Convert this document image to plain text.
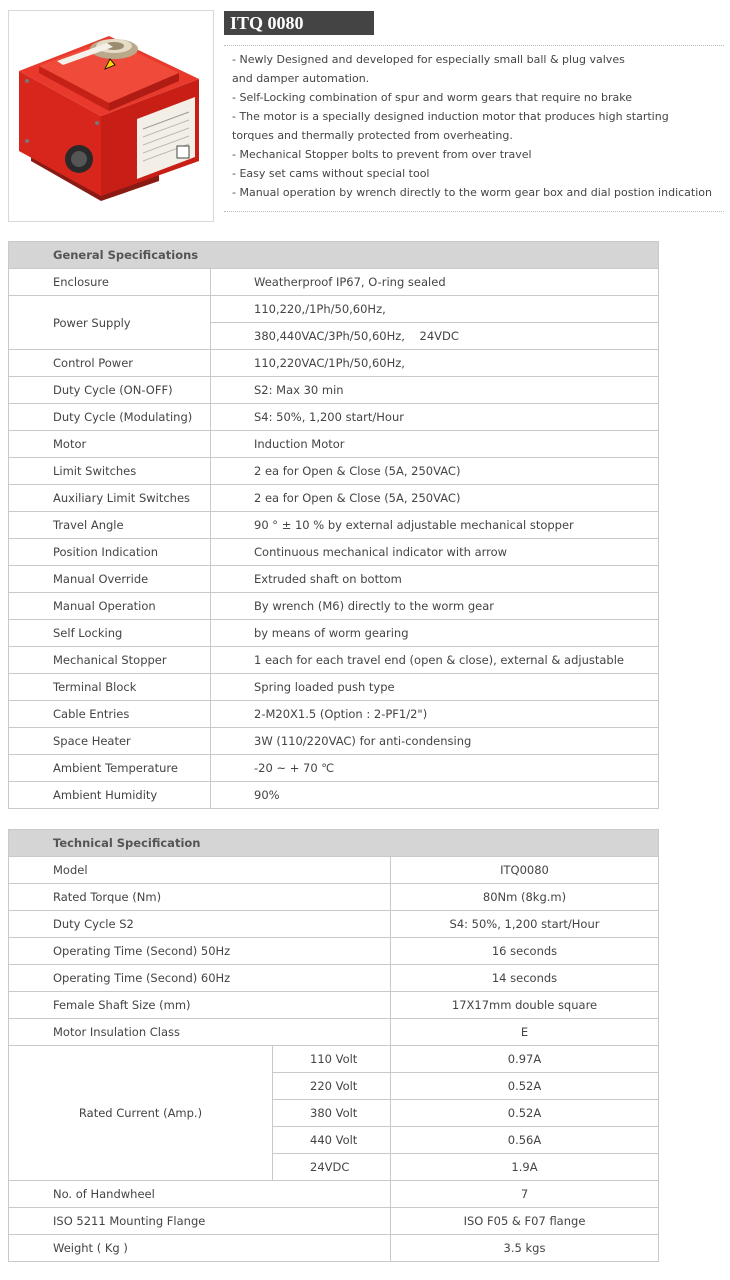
ITQ 0080
- Newly Designed and developed for especially small ball & plug valves
and damper automation.
- Self-Locking combination of spur and worm gears that require no brake
- The motor is a specially designed induction motor that produces high starting
torques and thermally protected from overheating.
- Mechanical Stopper bolts to prevent from over travel
- Easy set cams without special tool
- Manual operation by wrench directly to the worm gear box and dial postion indication
General Specifications	
Enclosure	Weatherproof IP67, O-ring sealed
Power Supply	110,220,/1Ph/50,60Hz,
	380,440VAC/3Ph/50,60Hz,    24VDC
Control Power	110,220VAC/1Ph/50,60Hz,
Duty Cycle (ON-OFF)	S2: Max 30 min
Duty Cycle (Modulating)	S4: 50%, 1,200 start/Hour
Motor	Induction Motor
Limit Switches	2 ea for Open & Close (5A, 250VAC)
Auxiliary Limit Switches	2 ea for Open & Close (5A, 250VAC)
Travel Angle	90 ° ± 10 % by external adjustable mechanical stopper
Position Indication	Continuous mechanical indicator with arrow
Manual Override	Extruded shaft on bottom
Manual Operation	By wrench (M6) directly to the worm gear
Self Locking	by means of worm gearing
Mechanical Stopper	1 each for each travel end (open & close), external & adjustable
Terminal Block	Spring loaded push type
Cable Entries	2-M20X1.5 (Option : 2-PF1/2")
Space Heater	3W (110/220VAC) for anti-condensing
Ambient Temperature	-20 ~ + 70 ℃
Ambient Humidity	90%
Technical Specification		
Model		ITQ0080
Rated Torque (Nm)		80Nm (8kg.m)
Duty Cycle S2		S4: 50%, 1,200 start/Hour
Operating Time (Second) 50Hz		16 seconds
Operating Time (Second) 60Hz		14 seconds
Female Shaft Size (mm)		17X17mm double square
Motor Insulation Class		E
Rated Current (Amp.)	110 Volt	0.97A
	220 Volt	0.52A
	380 Volt	0.52A
	440 Volt	0.56A
	24VDC	1.9A
No. of Handwheel		7
ISO 5211 Mounting Flange		ISO F05 & F07 flange
Weight ( Kg )		3.5 kgs
